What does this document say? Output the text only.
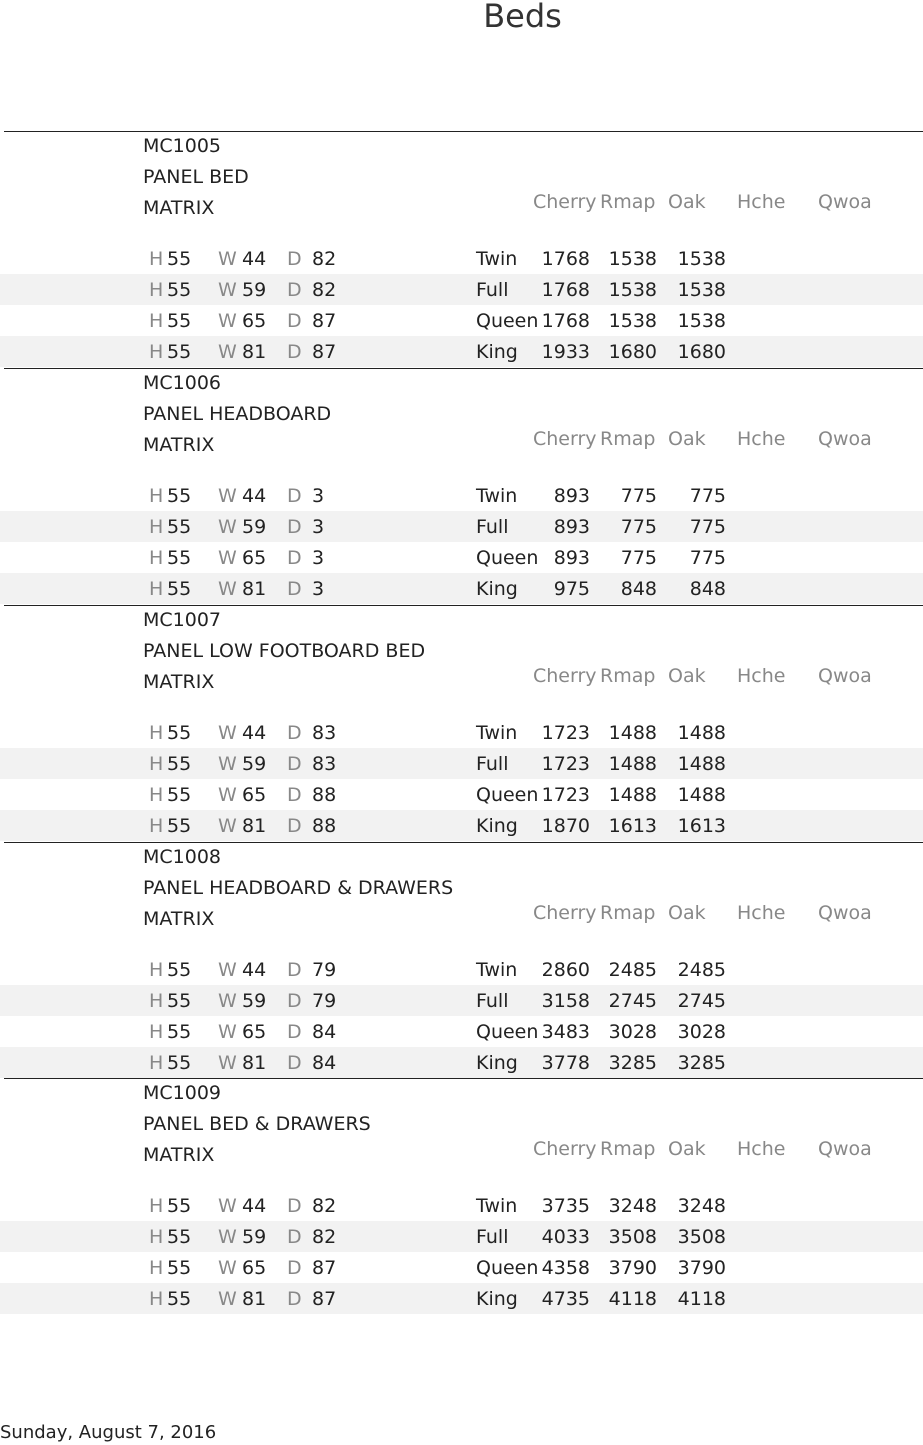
Beds
MC1005
PANEL BED
MATRIX	Cherry Rmap Oak	Hche	Qwoa
H 55 W 44 D 82	Twin	1768 1538	1538
H 55 W 59 D 82	Full	1768 1538	1538
H 55 W 65 D 87	Queen 1768 1538	1538
H 55 W 81 D 87	King	1933 1680	1680
MC1006
PANEL HEADBOARD
MATRIX	Cherry Rmap Oak	Hche	Qwoa
H 55 W 44 D 3	Twin	893	775	775
H 55 W 59 D 3	Full	893	775	775
H 55 W 65 D 3	Queen 893	775	775
H 55 W 81 D 3	King	975	848	848
MC1007
PANEL LOW FOOTBOARD BED
MATRIX	Cherry Rmap Oak	Hche	Qwoa
H 55 W 44 D 83	Twin	1723 1488	1488
H 55 W 59 D 83	Full	1723 1488	1488
H 55 W 65 D 88	Queen 1723 1488	1488
H 55 W 81 D 88	King	1870 1613	1613
MC1008
PANEL HEADBOARD & DRAWERS
MATRIX	Cherry Rmap Oak	Hche	Qwoa
H 55 W 44 D 79	Twin	2860 2485	2485
H 55 W 59 D 79	Full	3158 2745	2745
H 55 W 65 D 84	Queen 3483 3028	3028
H 55 W 81 D 84	King	3778 3285	3285
MC1009
PANEL BED & DRAWERS
MATRIX	Cherry Rmap Oak	Hche	Qwoa
H 55 W 44 D 82	Twin	3735 3248	3248
H 55 W 59 D 82	Full	4033 3508	3508
H 55 W 65 D 87	Queen 4358 3790	3790
H 55 W 81 D 87	King	4735 4118	4118
Sunday, August 7, 2016
